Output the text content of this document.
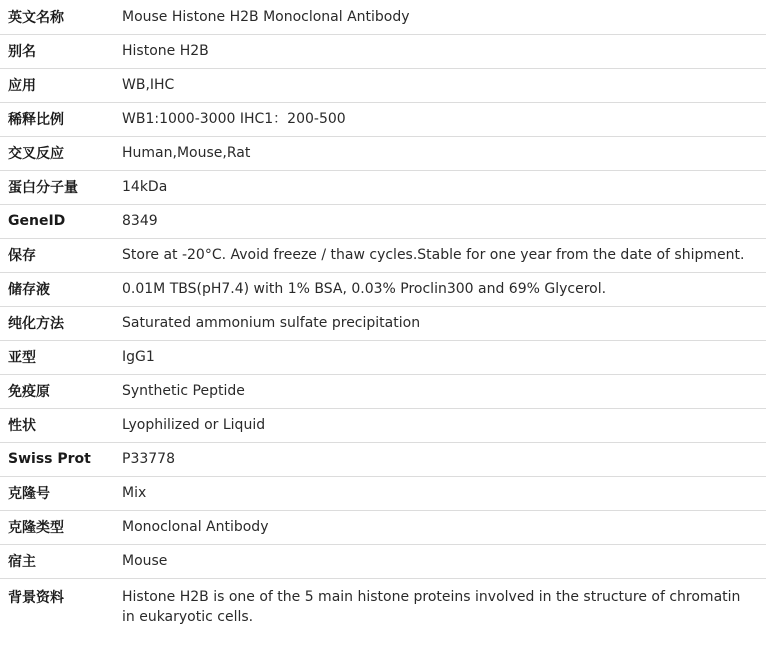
英文名称	Mouse Histone H2B Monoclonal Antibody
别名	Histone H2B
应用	WB,IHC
稀释比例	WB1:1000-3000 IHC1：200-500
交叉反应	Human,Mouse,Rat
蛋白分子量	14kDa
GeneID	8349
保存	Store at -20°C. Avoid freeze / thaw cycles.Stable for one year from the date of shipment.
储存液	0.01M TBS(pH7.4) with 1% BSA, 0.03% Proclin300 and 69% Glycerol.
纯化方法	Saturated ammonium sulfate precipitation
亚型	IgG1
免疫原	Synthetic Peptide
性状	Lyophilized or Liquid
Swiss Prot	P33778
克隆号	Mix
克隆类型	Monoclonal Antibody
宿主	Mouse
背景资料	Histone H2B is one of the 5 main histone proteins involved in the structure of chromatin in eukaryotic cells.
